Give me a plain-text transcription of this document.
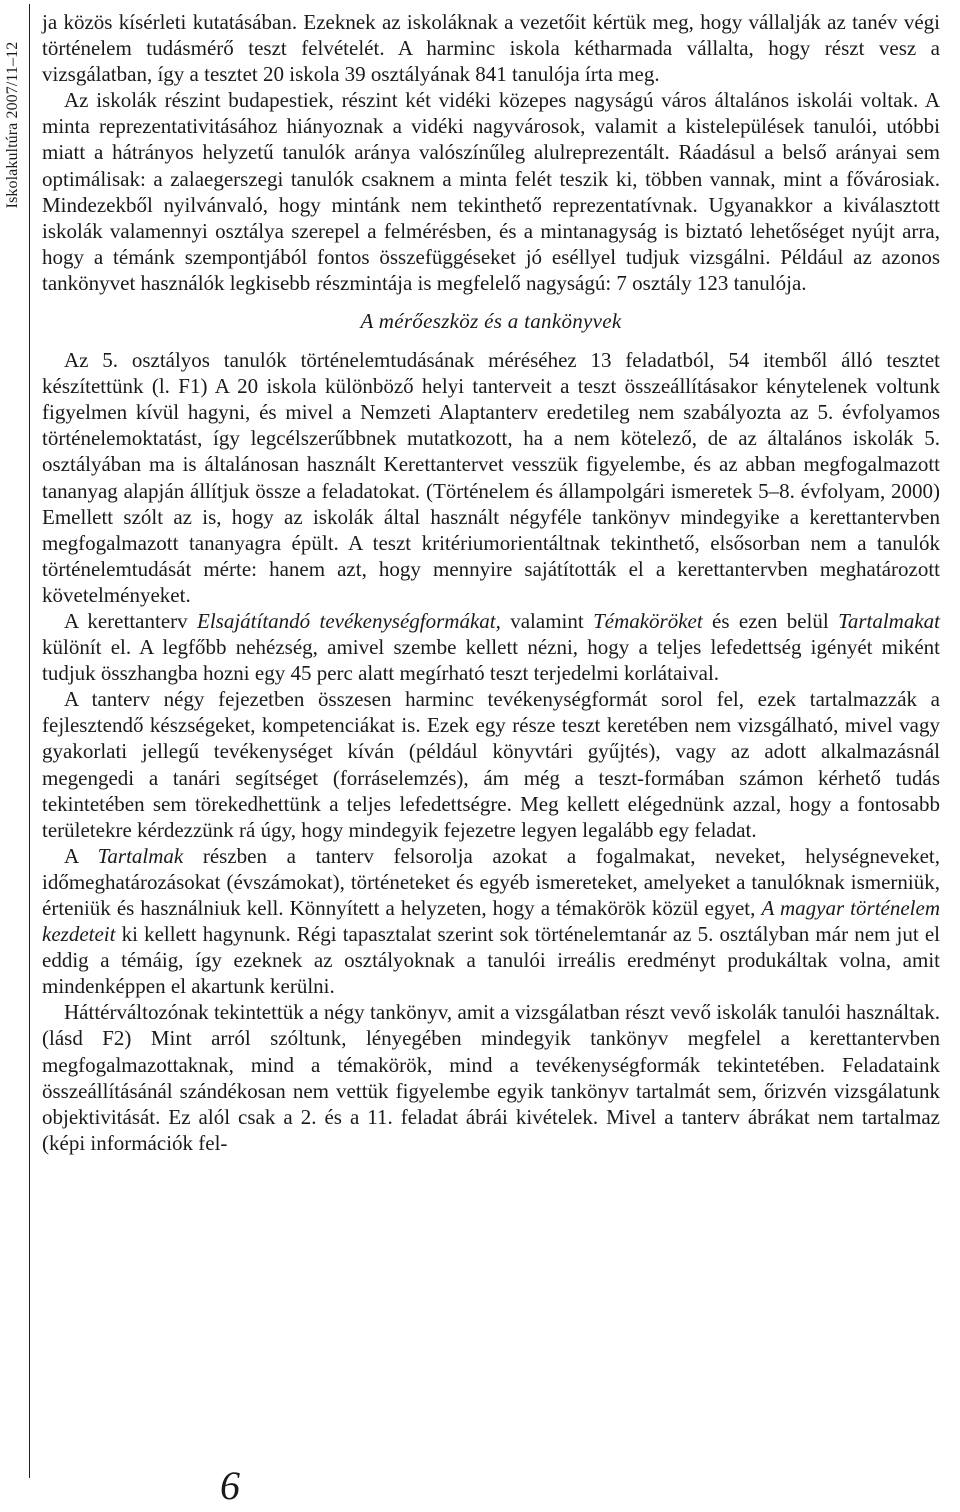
Iskolakultúra 2007/11–12

ja közös kísérleti kutatásában. Ezeknek az iskoláknak a vezetőit kértük meg, hogy vállalják az tanév végi történelem tudásmérő teszt felvételét. A harminc iskola kétharmada vállalta, hogy részt vesz a vizsgálatban, így a tesztet 20 iskola 39 osztályának 841 tanulója írta meg.

Az iskolák részint budapestiek, részint két vidéki közepes nagyságú város általános iskolái voltak. A minta reprezentativitásához hiányoznak a vidéki nagyvárosok, valamit a kistelepülések tanulói, utóbbi miatt a hátrányos helyzetű tanulók aránya valószínűleg alulreprezentált. Ráadásul a belső arányai sem optimálisak: a zalaegerszegi tanulók csaknem a minta felét teszik ki, többen vannak, mint a fővárosiak. Mindezekből nyilvánvaló, hogy mintánk nem tekinthető reprezentatívnak. Ugyanakkor a kiválasztott iskolák valamennyi osztálya szerepel a felmérésben, és a mintanagyság is biztató lehetőséget nyújt arra, hogy a témánk szempontjából fontos összefüggéseket jó eséllyel tudjuk vizsgálni. Például az azonos tankönyvet használók legkisebb részmintája is megfelelő nagyságú: 7 osztály 123 tanulója.

A mérőeszköz és a tankönyvek

Az 5. osztályos tanulók történelemtudásának méréséhez 13 feladatból, 54 itemből álló tesztet készítettünk (l. F1) A 20 iskola különböző helyi tanterveit a teszt összeállításakor kénytelenek voltunk figyelmen kívül hagyni, és mivel a Nemzeti Alaptanterv eredetileg nem szabályozta az 5. évfolyamos történelemoktatást, így legcélszerűbbnek mutatkozott, ha a nem kötelező, de az általános iskolák 5. osztályában ma is általánosan használt Kerettantervet vesszük figyelembe, és az abban megfogalmazott tananyag alapján állítjuk össze a feladatokat. (Történelem és állampolgári ismeretek 5–8. évfolyam, 2000) Emellett szólt az is, hogy az iskolák által használt négyféle tankönyv mindegyike a kerettantervben megfogalmazott tananyagra épült. A teszt kritériumorientáltnak tekinthető, elsősorban nem a tanulók történelemtudását mérte: hanem azt, hogy mennyire sajátították el a kerettantervben meghatározott követelményeket.

A kerettanterv Elsajátítandó tevékenységformákat, valamint Témaköröket és ezen belül Tartalmakat különít el. A legfőbb nehézség, amivel szembe kellett nézni, hogy a teljes lefedettség igényét miként tudjuk összhangba hozni egy 45 perc alatt megírható teszt terjedelmi korlátaival.

A tanterv négy fejezetben összesen harminc tevékenységformát sorol fel, ezek tartalmazzák a fejlesztendő készségeket, kompetenciákat is. Ezek egy része teszt keretében nem vizsgálható, mivel vagy gyakorlati jellegű tevékenységet kíván (például könyvtári gyűjtés), vagy az adott alkalmazásnál megengedi a tanári segítséget (forráselemzés), ám még a teszt-formában számon kérhető tudás tekintetében sem törekedhettünk a teljes lefedettségre. Meg kellett elégednünk azzal, hogy a fontosabb területekre kérdezzünk rá úgy, hogy mindegyik fejezetre legyen legalább egy feladat.

A Tartalmak részben a tanterv felsorolja azokat a fogalmakat, neveket, helységneveket, időmeghatározásokat (évszámokat), történeteket és egyéb ismereteket, amelyeket a tanulóknak ismerniük, érteniük és használniuk kell. Könnyített a helyzeten, hogy a témakörök közül egyet, A magyar történelem kezdeteit ki kellett hagynunk. Régi tapasztalat szerint sok történelemtanár az 5. osztályban már nem jut el eddig a témáig, így ezeknek az osztályoknak a tanulói irreális eredményt produkáltak volna, amit mindenképpen el akartunk kerülni.

Háttérváltozónak tekintettük a négy tankönyv, amit a vizsgálatban részt vevő iskolák tanulói használtak. (lásd F2) Mint arról szóltunk, lényegében mindegyik tankönyv megfelel a kerettantervben megfogalmazottaknak, mind a témakörök, mind a tevékenységformák tekintetében. Feladataink összeállításánál szándékosan nem vettük figyelembe egyik tankönyv tartalmát sem, őrizvén vizsgálatunk objektivitását. Ez alól csak a 2. és a 11. feladat ábrái kivételek. Mivel a tanterv ábrákat nem tartalmaz (képi információk fel-

6
